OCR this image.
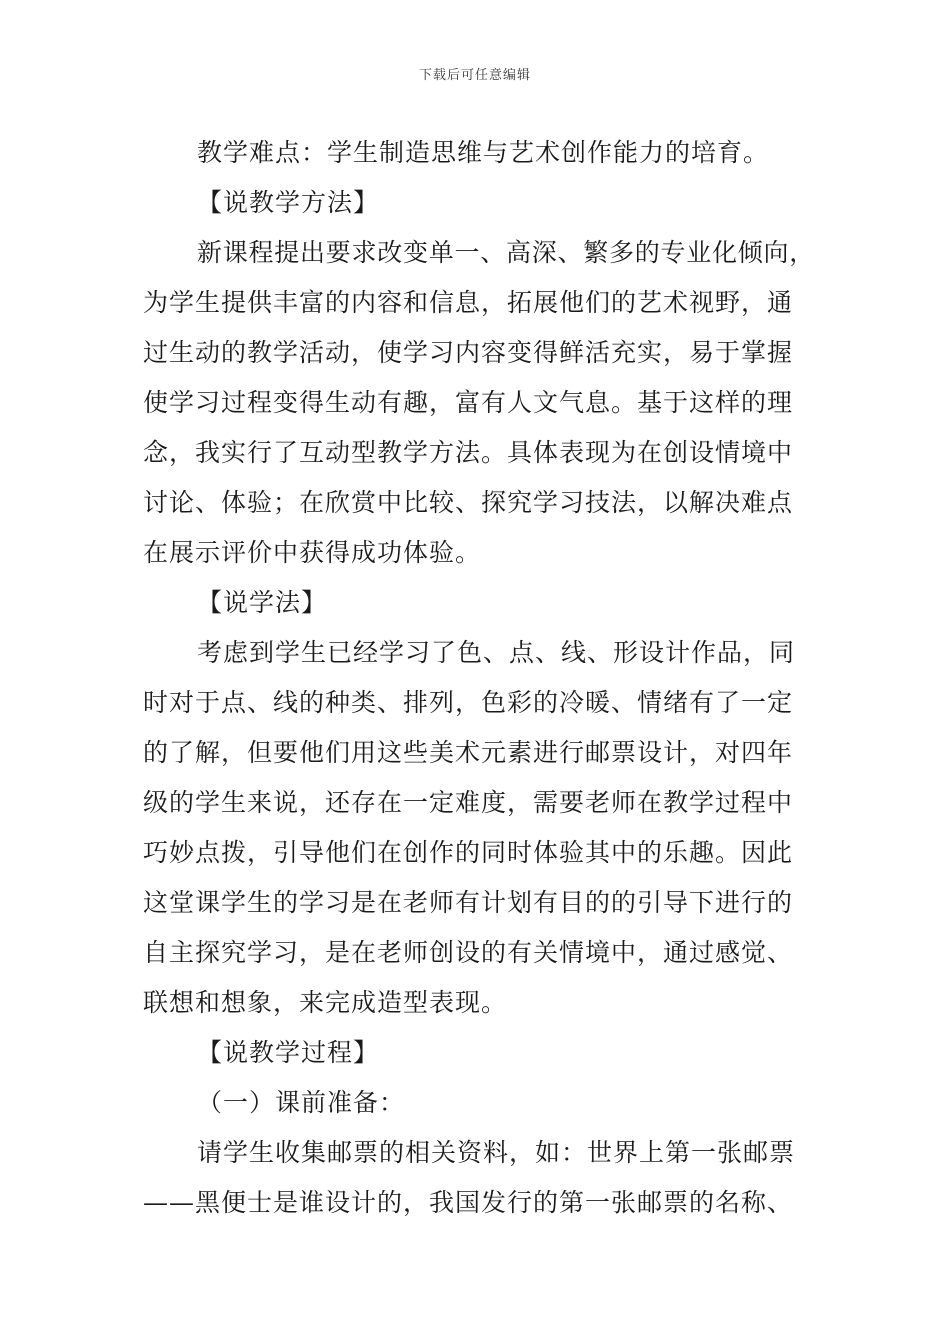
下载后可任意编辑
教学难点：学生制造思维与艺术创作能力的培育。
【说教学方法】
新课程提出要求改变单一、高深、繁多的专业化倾向，
为学生提供丰富的内容和信息，拓展他们的艺术视野，通
过生动的教学活动，使学习内容变得鲜活充实，易于掌握
使学习过程变得生动有趣，富有人文气息。基于这样的理
念，我实行了互动型教学方法。具体表现为在创设情境中
讨论、体验；在欣赏中比较、探究学习技法，以解决难点
在展示评价中获得成功体验。
【说学法】
考虑到学生已经学习了色、点、线、形设计作品，同
时对于点、线的种类、排列，色彩的冷暖、情绪有了一定
的了解，但要他们用这些美术元素进行邮票设计，对四年
级的学生来说，还存在一定难度，需要老师在教学过程中
巧妙点拨，引导他们在创作的同时体验其中的乐趣。因此
这堂课学生的学习是在老师有计划有目的的引导下进行的
自主探究学习，是在老师创设的有关情境中，通过感觉、
联想和想象，来完成造型表现。
【说教学过程】
（一）课前准备：
请学生收集邮票的相关资料，如：世界上第一张邮票
——黑便士是谁设计的，我国发行的第一张邮票的名称、
